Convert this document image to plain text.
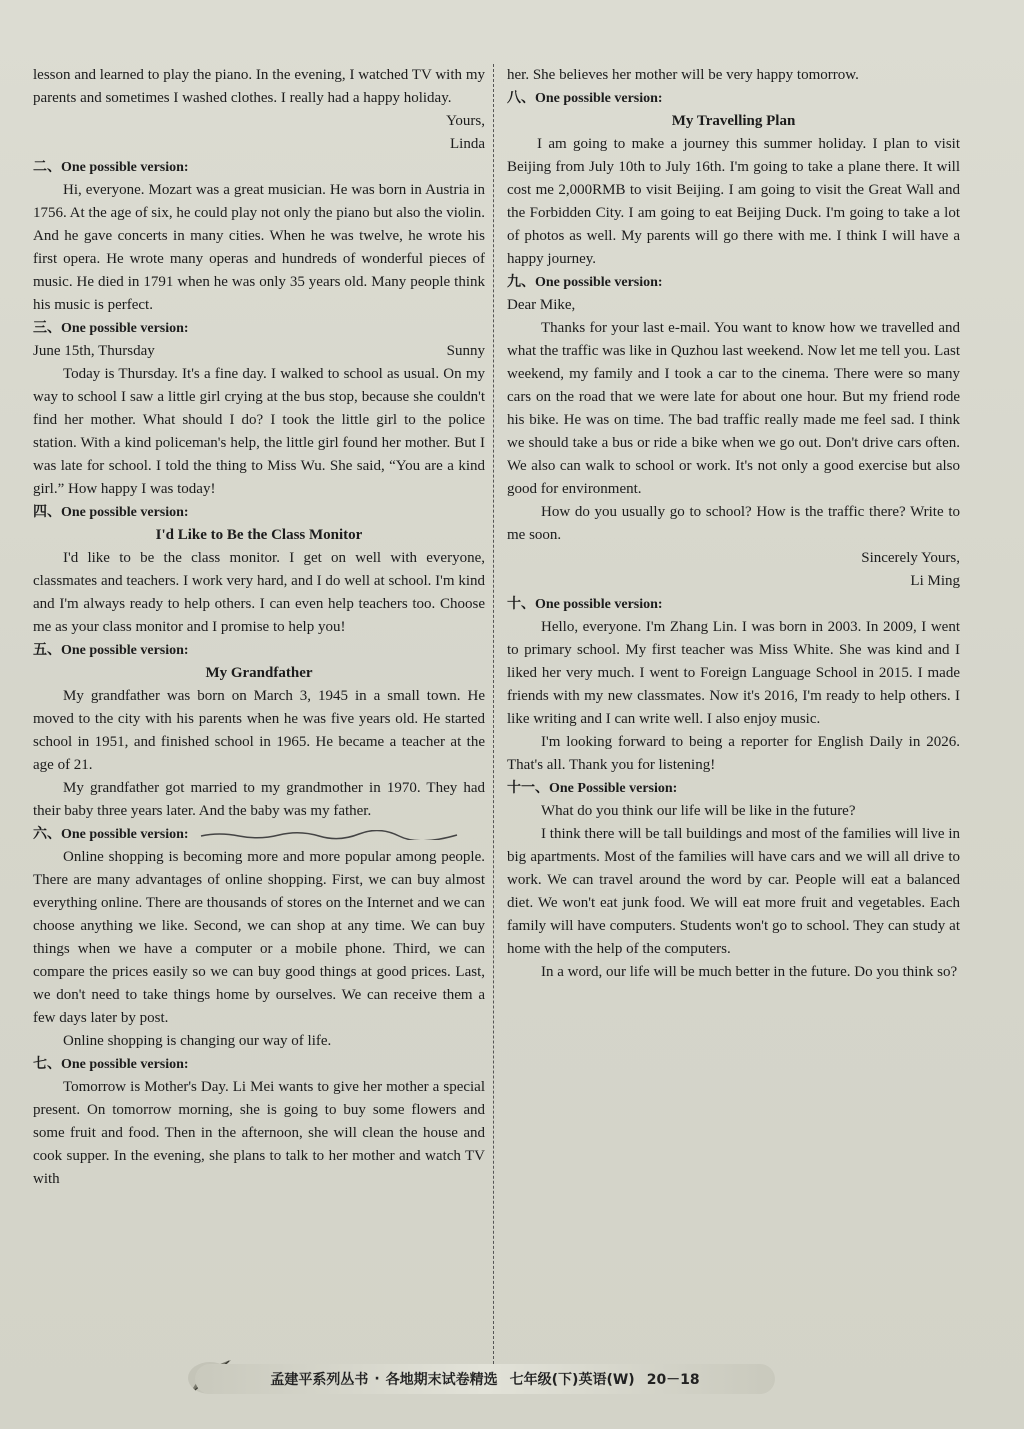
lesson and learned to play the piano. In the evening, I watched TV with my parents and sometimes I washed clothes. I really had a happy holiday.

Yours,

Linda

二、One possible version:

Hi, everyone. Mozart was a great musician. He was born in Austria in 1756. At the age of six, he could play not only the piano but also the violin. And he gave concerts in many cities. When he was twelve, he wrote his first opera. He wrote many operas and hundreds of wonderful pieces of music. He died in 1791 when he was only 35 years old. Many people think his music is perfect.

三、One possible version:

June 15th, Thursday	Sunny

Today is Thursday. It's a fine day. I walked to school as usual. On my way to school I saw a little girl crying at the bus stop, because she couldn't find her mother. What should I do? I took the little girl to the police station. With a kind policeman's help, the little girl found her mother. But I was late for school. I told the thing to Miss Wu. She said, “You are a kind girl.” How happy I was today!

四、One possible version:

I'd Like to Be the Class Monitor

I'd like to be the class monitor. I get on well with everyone, classmates and teachers. I work very hard, and I do well at school. I'm kind and I'm always ready to help others. I can even help teachers too. Choose me as your class monitor and I promise to help you!

五、One possible version:

My Grandfather

My grandfather was born on March 3, 1945 in a small town. He moved to the city with his parents when he was five years old. He started school in 1951, and finished school in 1965. He became a teacher at the age of 21.

My grandfather got married to my grandmother in 1970. They had their baby three years later. And the baby was my father.

六、One possible version:

Online shopping is becoming more and more popular among people. There are many advantages of online shopping. First, we can buy almost everything online. There are thousands of stores on the Internet and we can choose anything we like. Second, we can shop at any time. We can buy things when we have a computer or a mobile phone. Third, we can compare the prices easily so we can buy good things at good prices. Last, we don't need to take things home by ourselves. We can receive them a few days later by post.

Online shopping is changing our way of life.

七、One possible version:

Tomorrow is Mother's Day. Li Mei wants to give her mother a special present. On tomorrow morning, she is going to buy some flowers and some fruit and food. Then in the afternoon, she will clean the house and cook supper. In the evening, she plans to talk to her mother and watch TV with

her. She believes her mother will be very happy tomorrow.

八、One possible version:

My Travelling Plan

I am going to make a journey this summer holiday. I plan to visit Beijing from July 10th to July 16th. I'm going to take a plane there. It will cost me 2,000RMB to visit Beijing. I am going to visit the Great Wall and the Forbidden City. I am going to eat Beijing Duck. I'm going to take a lot of photos as well. My parents will go there with me. I think I will have a happy journey.

九、One possible version:

Dear Mike,

Thanks for your last e-mail. You want to know how we travelled and what the traffic was like in Quzhou last weekend. Now let me tell you. Last weekend, my family and I took a car to the cinema. There were so many cars on the road that we were late for about one hour. But my friend rode his bike. He was on time. The bad traffic really made me feel sad. I think we should take a bus or ride a bike when we go out. Don't drive cars often. We also can walk to school or work. It's not only a good exercise but also good for environment.

How do you usually go to school? How is the traffic there? Write to me soon.

Sincerely Yours,

Li Ming

十、One possible version:

Hello, everyone. I'm Zhang Lin. I was born in 2003. In 2009, I went to primary school. My first teacher was Miss White. She was kind and I liked her very much. I went to Foreign Language School in 2015. I made friends with my new classmates. Now it's 2016, I'm ready to help others. I like writing and I can write well. I also enjoy music.

I'm looking forward to being a reporter for English Daily in 2026. That's all. Thank you for listening!

十一、One Possible version:

What do you think our life will be like in the future?

I think there will be tall buildings and most of the families will live in big apartments. Most of the families will have cars and we will all drive to work. We can travel around the word by car. People will eat a balanced diet. We won't eat junk food. We will eat more fruit and vegetables. Each family will have computers. Students won't go to school. They can study at home with the help of the computers.

In a word, our life will be much better in the future. Do you think so?

孟建平系列丛书 · 各地期末试卷精选 七年级(下)英语(W) 20－18
